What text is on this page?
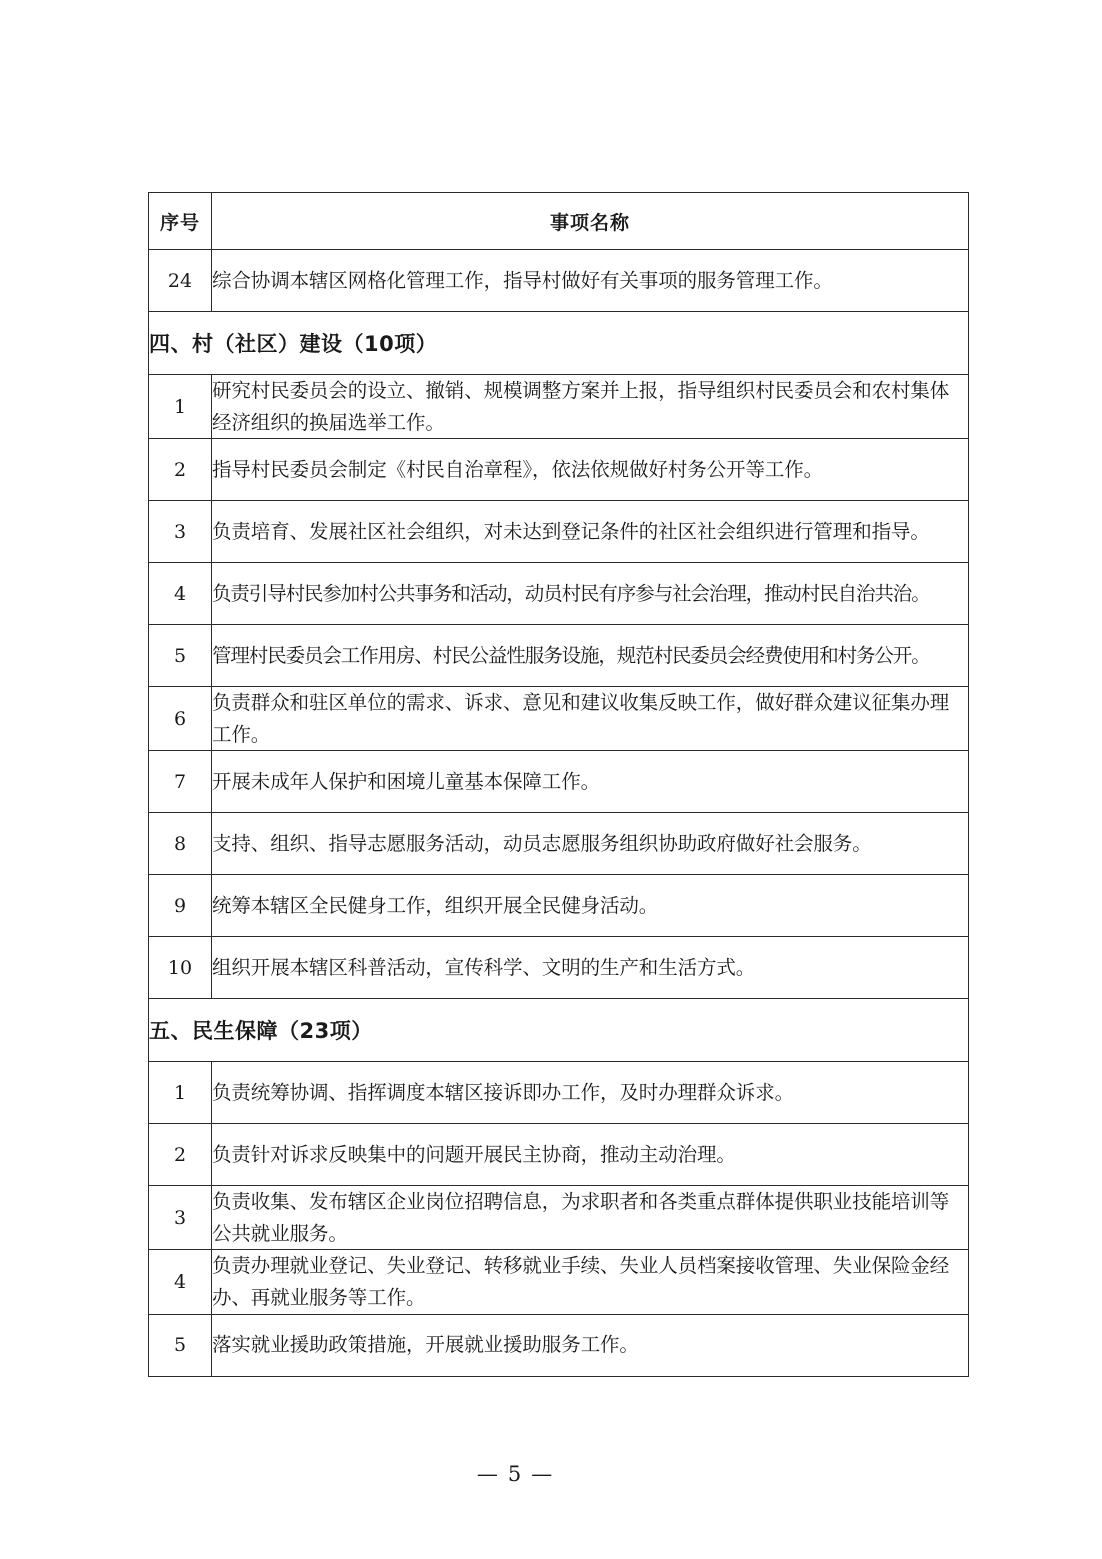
序号	事项名称
24	综合协调本辖区网格化管理工作，指导村做好有关事项的服务管理工作。
四、村（社区）建设（10项）	
1	研究村民委员会的设立、撤销、规模调整方案并上报，指导组织村民委员会和农村集体经济组织的换届选举工作。
2	指导村民委员会制定《村民自治章程》，依法依规做好村务公开等工作。
3	负责培育、发展社区社会组织，对未达到登记条件的社区社会组织进行管理和指导。
4	负责引导村民参加村公共事务和活动，动员村民有序参与社会治理，推动村民自治共治。
5	管理村民委员会工作用房、村民公益性服务设施，规范村民委员会经费使用和村务公开。
6	负责群众和驻区单位的需求、诉求、意见和建议收集反映工作，做好群众建议征集办理工作。
7	开展未成年人保护和困境儿童基本保障工作。
8	支持、组织、指导志愿服务活动，动员志愿服务组织协助政府做好社会服务。
9	统筹本辖区全民健身工作，组织开展全民健身活动。
10	组织开展本辖区科普活动，宣传科学、文明的生产和生活方式。
五、民生保障（23项）	
1	负责统筹协调、指挥调度本辖区接诉即办工作，及时办理群众诉求。
2	负责针对诉求反映集中的问题开展民主协商，推动主动治理。
3	负责收集、发布辖区企业岗位招聘信息，为求职者和各类重点群体提供职业技能培训等公共就业服务。
4	负责办理就业登记、失业登记、转移就业手续、失业人员档案接收管理、失业保险金经办、再就业服务等工作。
5	落实就业援助政策措施，开展就业援助服务工作。
— 5 —
